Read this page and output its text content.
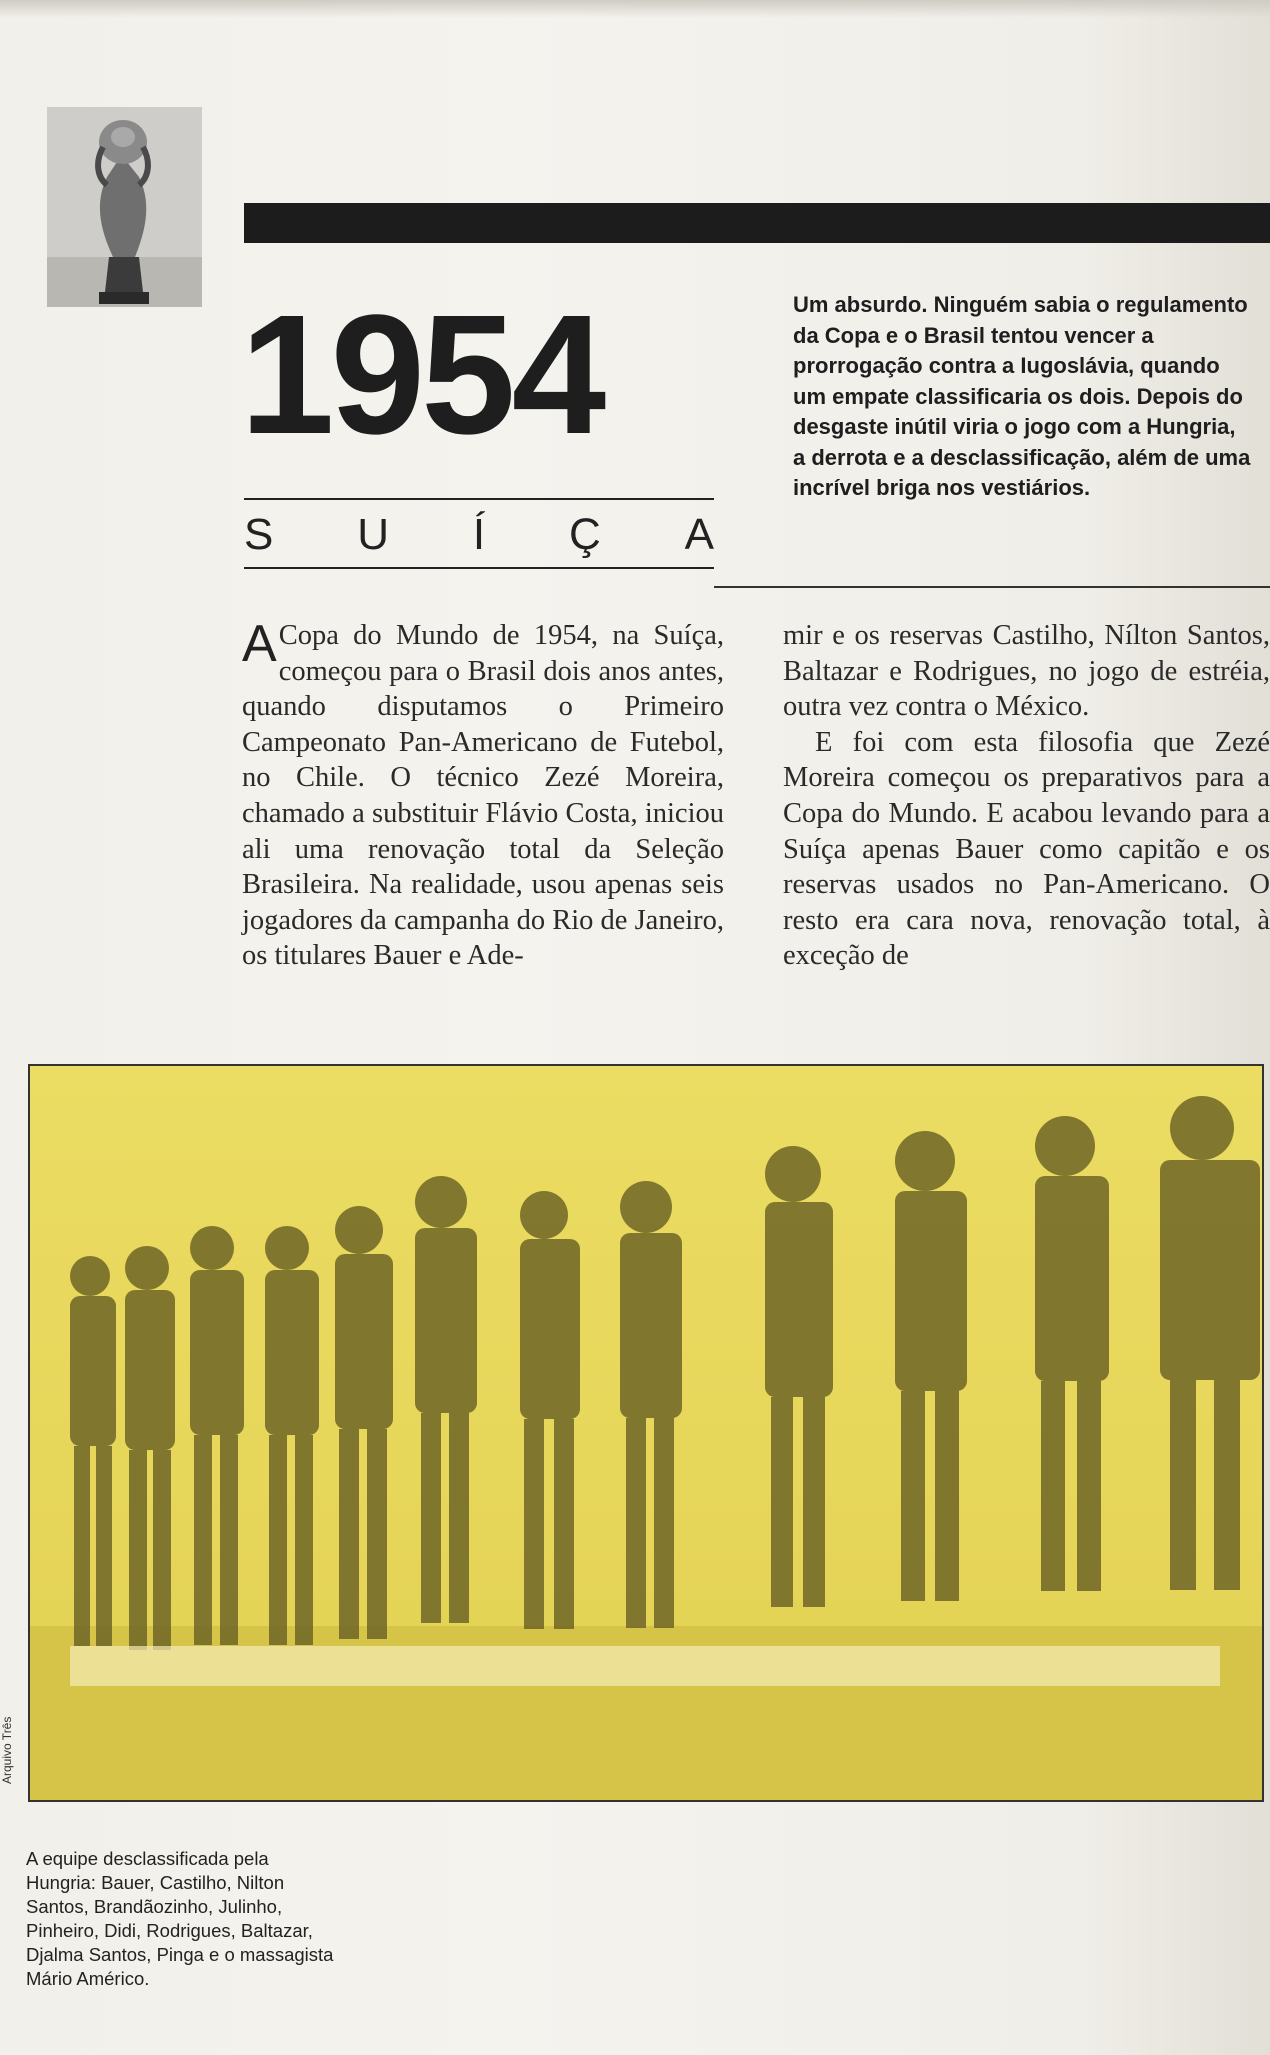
1954
S U Í Ç A
Um absurdo. Ninguém sabia o regulamento da Copa e o Brasil tentou vencer a prorrogação contra a Iugoslávia, quando um empate classificaria os dois. Depois do desgaste inútil viria o jogo com a Hungria, a derrota e a desclassificação, além de uma incrível briga nos vestiários.

A Copa do Mundo de 1954, na Suíça, começou para o Brasil dois anos antes, quando disputamos o Primeiro Campeonato Pan-Americano de Futebol, no Chile. O técnico Zezé Moreira, chamado a substituir Flávio Costa, iniciou ali uma renovação total da Seleção Brasileira. Na realidade, usou apenas seis jogadores da campanha do Rio de Janeiro, os titulares Bauer e Ade-

mir e os reservas Castilho, Nílton Santos, Baltazar e Rodrigues, no jogo de estréia, outra vez contra o México.

E foi com esta filosofia que Zezé Moreira começou os preparativos para a Copa do Mundo. E acabou levando para a Suíça apenas Bauer como capitão e os reservas usados no Pan-Americano. O resto era cara nova, renovação total, à exceção de

Arquivo Três
A equipe desclassificada pela Hungria: Bauer, Castilho, Nilton Santos, Brandãozinho, Julinho, Pinheiro, Didi, Rodrigues, Baltazar, Djalma Santos, Pinga e o massagista Mário Américo.
